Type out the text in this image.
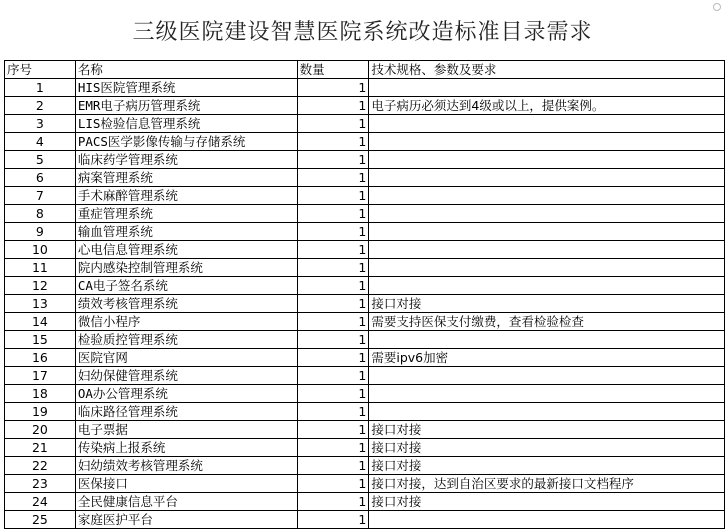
三级医院建设智慧医院系统改造标准目录需求
序号	名称	数量	技术规格、参数及要求
1	HIS医院管理系统	1	
2	EMR电子病历管理系统	1	电子病历必须达到4级或以上，提供案例。
3	LIS检验信息管理系统	1	
4	PACS医学影像传输与存储系统	1	
5	临床药学管理系统	1	
6	病案管理系统	1	
7	手术麻醉管理系统	1	
8	重症管理系统	1	
9	输血管理系统	1	
10	心电信息管理系统	1	
11	院内感染控制管理系统	1	
12	CA电子签名系统	1	
13	绩效考核管理系统	1	接口对接
14	微信小程序	1	需要支持医保支付缴费，查看检验检查
15	检验质控管理系统	1	
16	医院官网	1	需要ipv6加密
17	妇幼保健管理系统	1	
18	OA办公管理系统	1	
19	临床路径管理系统	1	
20	电子票据	1	接口对接
21	传染病上报系统	1	接口对接
22	妇幼绩效考核管理系统	1	接口对接
23	医保接口	1	接口对接，达到自治区要求的最新接口文档程序
24	全民健康信息平台	1	接口对接
25	家庭医护平台	1	
